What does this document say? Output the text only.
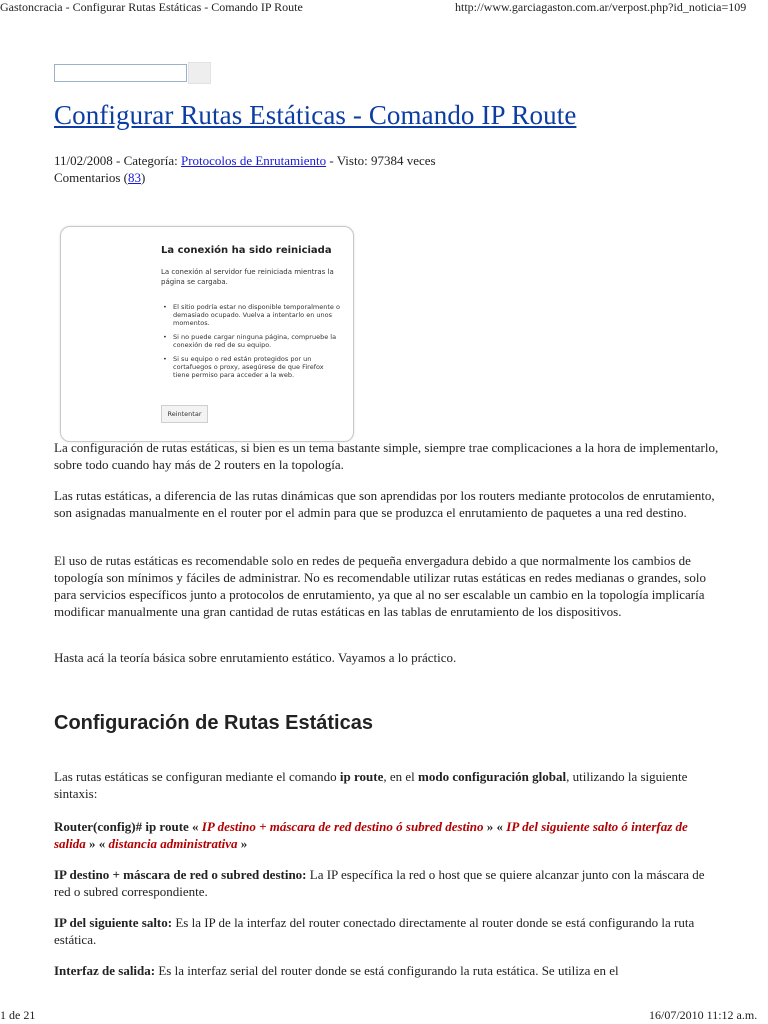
Gastoncracia - Configurar Rutas Estáticas - Comando IP Route	http://www.garciagaston.com.ar/verpost.php?id_noticia=109
Configurar Rutas Estáticas - Comando IP Route
11/02/2008 - Categoría: Protocolos de Enrutamiento - Visto: 97384 veces
Comentarios (83)
La conexión ha sido reiniciada
La conexión al servidor fue reiniciada mientras la página se cargaba.
• El sitio podría estar no disponible temporalmente o demasiado ocupado. Vuelva a intentarlo en unos momentos.
• Si no puede cargar ninguna página, compruebe la conexión de red de su equipo.
• Si su equipo o red están protegidos por un cortafuegos o proxy, asegúrese de que Firefox tiene permiso para acceder a la web.
Reintentar

La configuración de rutas estáticas, si bien es un tema bastante simple, siempre trae complicaciones a la hora de implementarlo, sobre todo cuando hay más de 2 routers en la topología.

Las rutas estáticas, a diferencia de las rutas dinámicas que son aprendidas por los routers mediante protocolos de enrutamiento, son asignadas manualmente en el router por el admin para que se produzca el enrutamiento de paquetes a una red destino.

El uso de rutas estáticas es recomendable solo en redes de pequeña envergadura debido a que normalmente los cambios de topología son mínimos y fáciles de administrar. No es recomendable utilizar rutas estáticas en redes medianas o grandes, solo para servicios específicos junto a protocolos de enrutamiento, ya que al no ser escalable un cambio en la topología implicaría modificar manualmente una gran cantidad de rutas estáticas en las tablas de enrutamiento de los dispositivos.

Hasta acá la teoría básica sobre enrutamiento estático. Vayamos a lo práctico.

Configuración de Rutas Estáticas

Las rutas estáticas se configuran mediante el comando ip route, en el modo configuración global, utilizando la siguiente sintaxis:

Router(config)# ip route « IP destino + máscara de red destino ó subred destino » « IP del siguiente salto ó interfaz de salida » « distancia administrativa »

IP destino + máscara de red o subred destino: La IP específica la red o host que se quiere alcanzar junto con la máscara de red o subred correspondiente.

IP del siguiente salto: Es la IP de la interfaz del router conectado directamente al router donde se está configurando la ruta estática.

Interfaz de salida: Es la interfaz serial del router donde se está configurando la ruta estática. Se utiliza en el

1 de 21	16/07/2010 11:12 a.m.
